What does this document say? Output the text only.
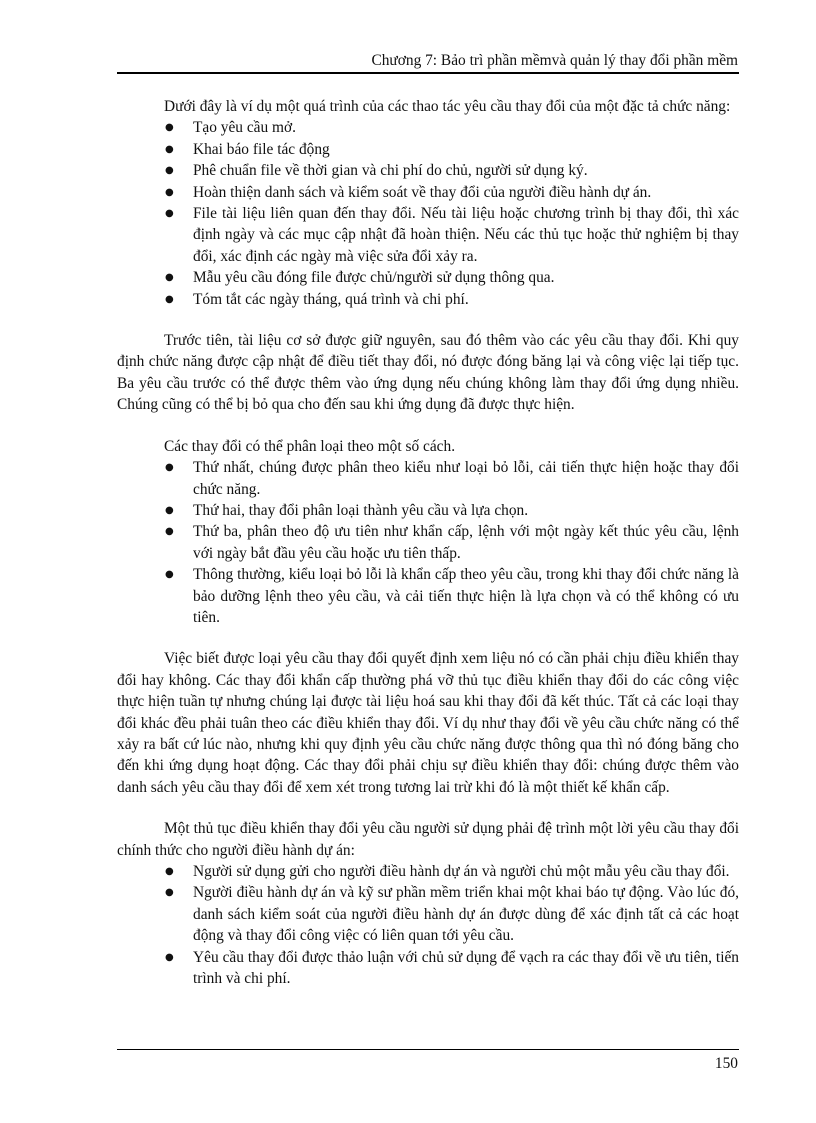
Chương 7: Bảo trì phần mềmvà quản lý thay đổi phần mềm

Dưới đây là ví dụ một quá trình của các thao tác yêu cầu thay đổi của một đặc tả chức năng:

● Tạo yêu cầu mở.
● Khai báo file tác động
● Phê chuẩn file về thời gian và chi phí do chủ, người sử dụng ký.
● Hoàn thiện danh sách và kiểm soát về thay đổi của người điều hành dự án.
● File tài liệu liên quan đến thay đổi. Nếu tài liệu hoặc chương trình bị thay đổi, thì xác định ngày và các mục cập nhật đã hoàn thiện. Nếu các thủ tục hoặc thử nghiệm bị thay đổi, xác định các ngày mà việc sửa đổi xảy ra.
● Mẫu yêu cầu đóng file được chủ/người sử dụng thông qua.
● Tóm tắt các ngày tháng, quá trình và chi phí.

Trước tiên, tài liệu cơ sở được giữ nguyên, sau đó thêm vào các yêu cầu thay đổi. Khi quy định chức năng được cập nhật để điều tiết thay đổi, nó được đóng băng lại và công việc lại tiếp tục. Ba yêu cầu trước có thể được thêm vào ứng dụng nếu chúng không làm thay đổi ứng dụng nhiều. Chúng cũng có thể bị bỏ qua cho đến sau khi ứng dụng đã được thực hiện.

Các thay đổi có thể phân loại theo một số cách.

● Thứ nhất, chúng được phân theo kiểu như loại bỏ lỗi, cải tiến thực hiện hoặc thay đổi chức năng.
● Thứ hai, thay đổi phân loại thành yêu cầu và lựa chọn.
● Thứ ba, phân theo độ ưu tiên như khẩn cấp, lệnh với một ngày kết thúc yêu cầu, lệnh với ngày bắt đầu yêu cầu hoặc ưu tiên thấp.
● Thông thường, kiểu loại bỏ lỗi là khẩn cấp theo yêu cầu, trong khi thay đổi chức năng là bảo dưỡng lệnh theo yêu cầu, và cải tiến thực hiện là lựa chọn và có thể không có ưu tiên.

Việc biết được loại yêu cầu thay đổi quyết định xem liệu nó có cần phải chịu điều khiển thay đổi hay không. Các thay đổi khẩn cấp thường phá vỡ thủ tục điều khiển thay đổi do các công việc thực hiện tuần tự nhưng chúng lại được tài liệu hoá sau khi thay đổi đã kết thúc. Tất cả các loại thay đổi khác đều phải tuân theo các điều khiển thay đổi. Ví dụ như thay đổi về yêu cầu chức năng có thể xảy ra bất cứ lúc nào, nhưng khi quy định yêu cầu chức năng được thông qua thì nó đóng băng cho đến khi ứng dụng hoạt động. Các thay đổi phải chịu sự điều khiển thay đổi: chúng được thêm vào danh sách yêu cầu thay đổi để xem xét trong tương lai trừ khi đó là một thiết kế khẩn cấp.

Một thủ tục điều khiển thay đổi yêu cầu người sử dụng phải đệ trình một lời yêu cầu thay đổi chính thức cho người điều hành dự án:

● Người sử dụng gửi cho người điều hành dự án và người chủ một mẫu yêu cầu thay đổi.
● Người điều hành dự án và kỹ sư phần mềm triển khai một khai báo tự động. Vào lúc đó, danh sách kiểm soát của người điều hành dự án được dùng để xác định tất cả các hoạt động và thay đổi công việc có liên quan tới yêu cầu.
● Yêu cầu thay đổi được thảo luận với chủ sử dụng để vạch ra các thay đổi về ưu tiên, tiến trình và chi phí.
150
